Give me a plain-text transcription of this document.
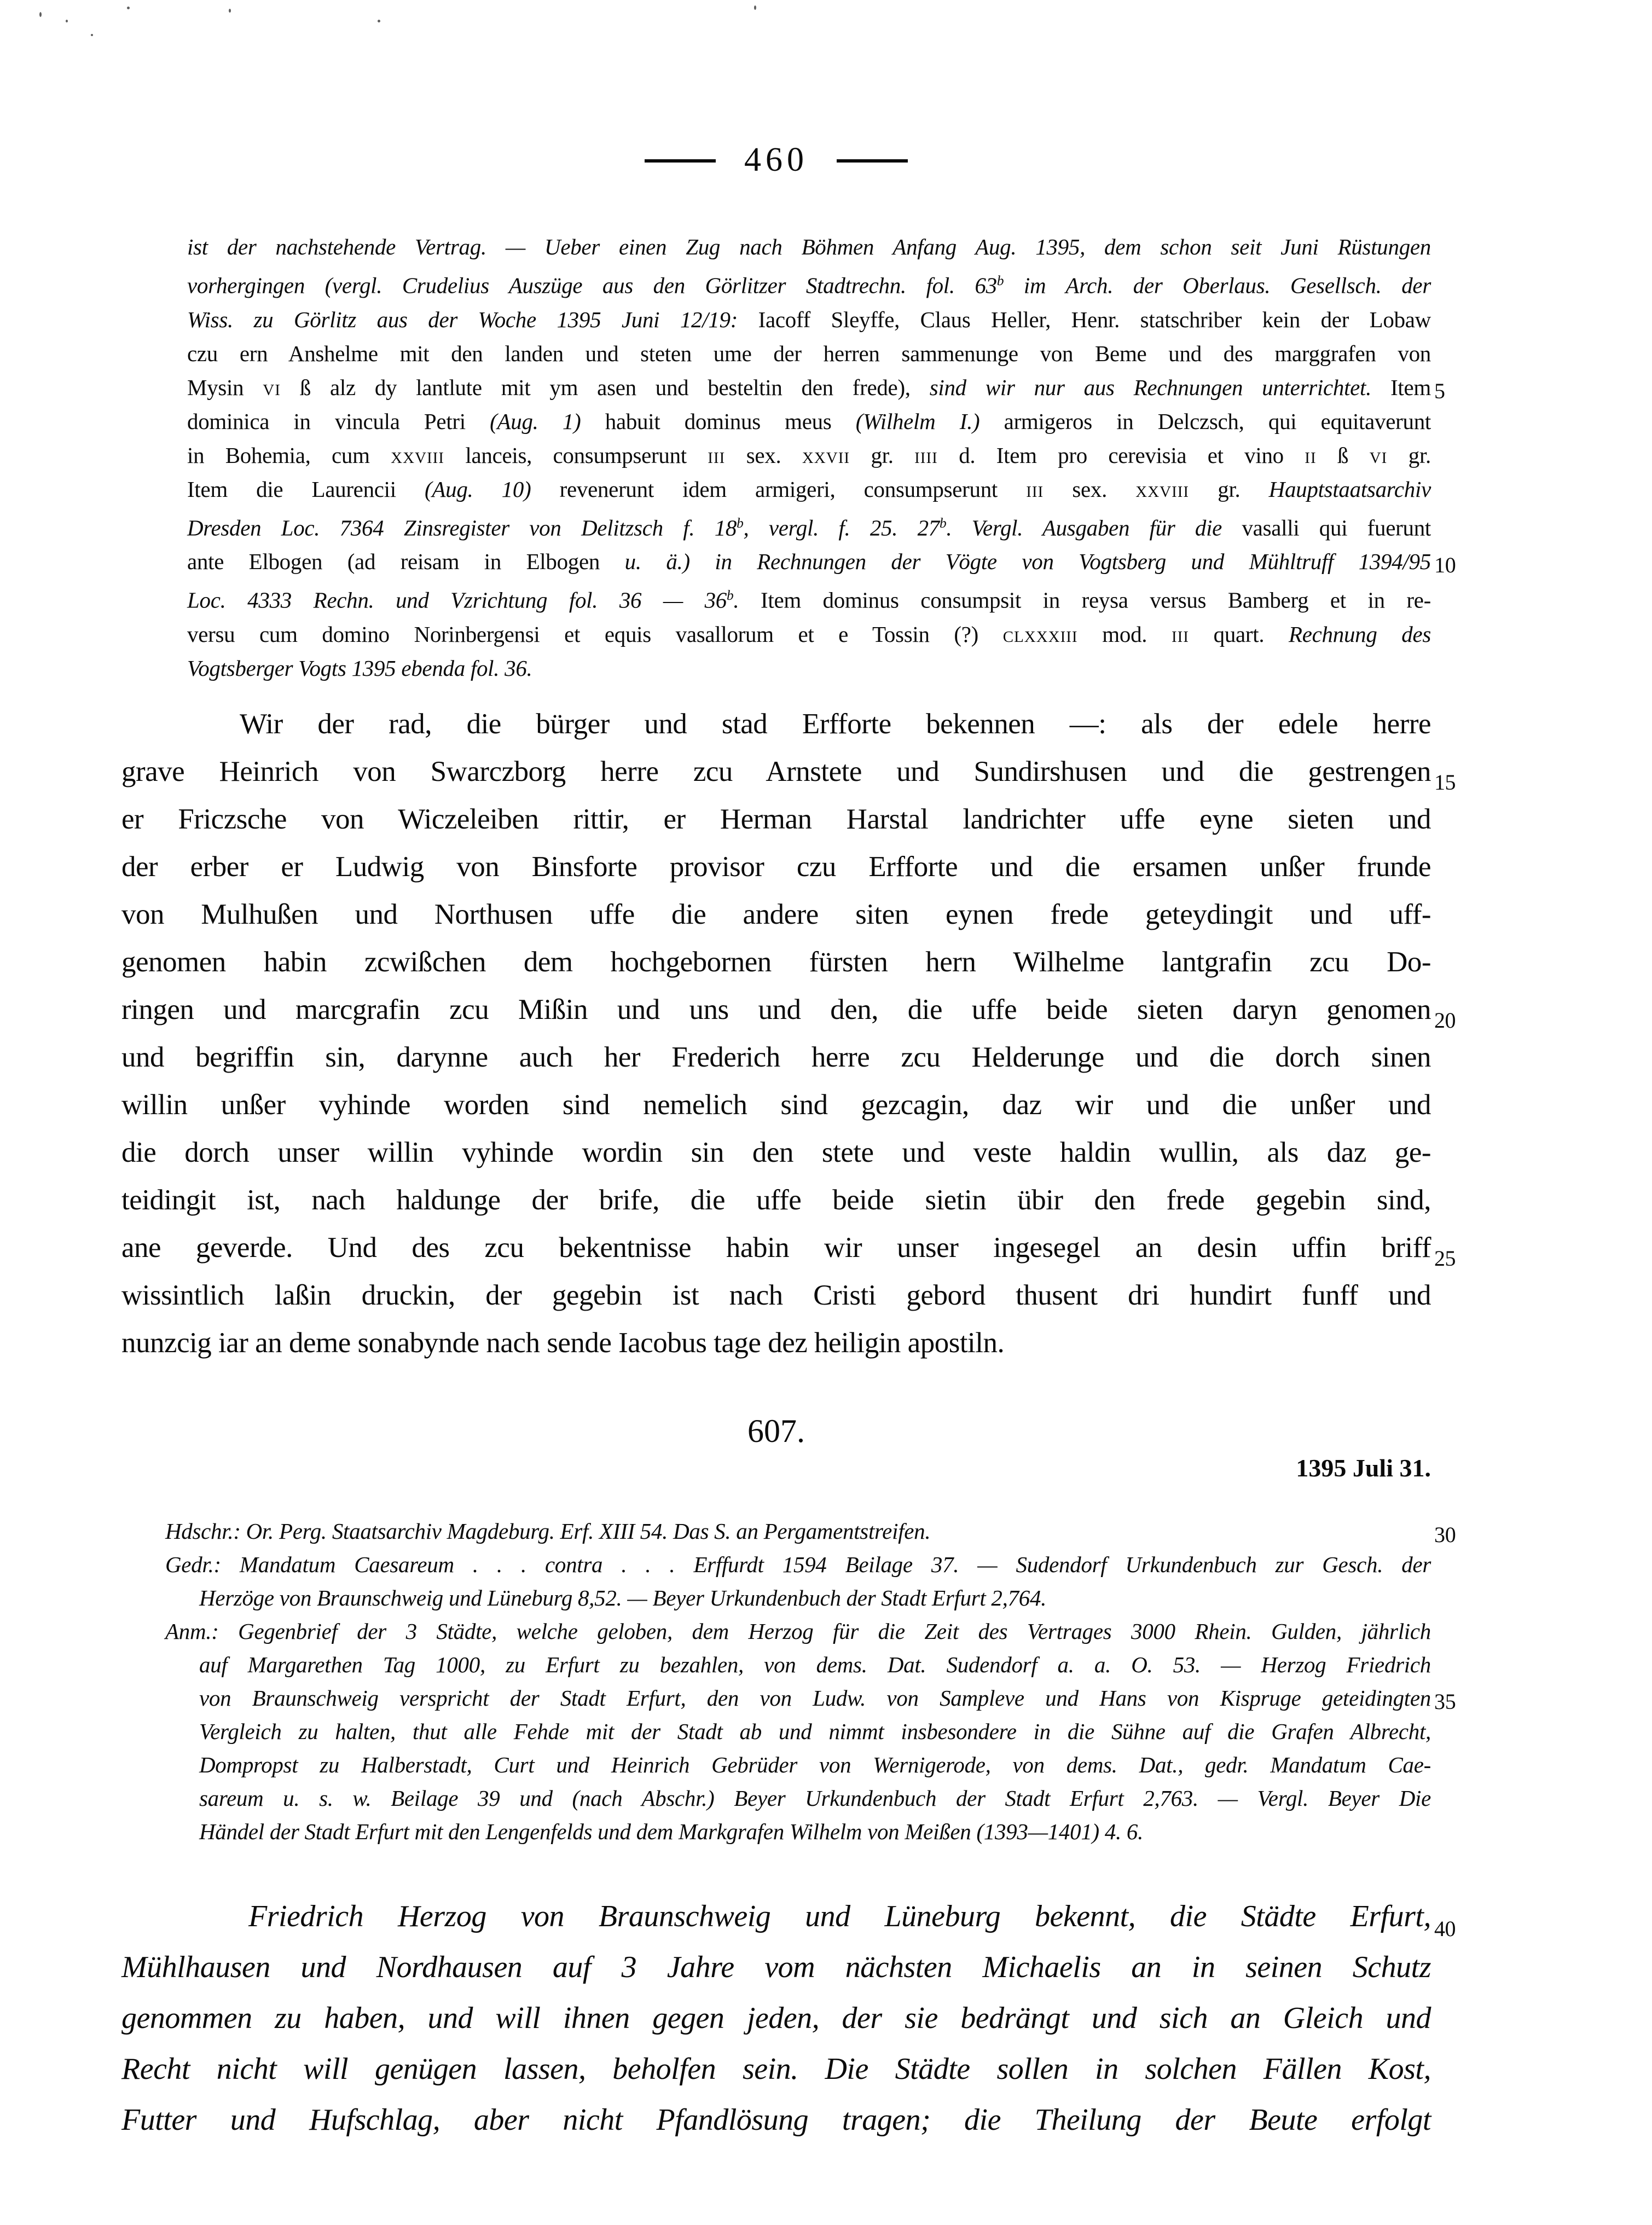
460
ist der nachstehende Vertrag. — Ueber einen Zug nach Böhmen Anfang Aug. 1395, dem schon seit Juni Rüstungen
vorhergingen (vergl. Crudelius Auszüge aus den Görlitzer Stadtrechn. fol. 63$^b$ im Arch. der Oberlaus. Gesellsch. der
Wiss. zu Görlitz aus der Woche 1395 Juni 12/19: Iacoff Sleyffe, Claus Heller, Henr. statschriber kein der Lobaw
czu ern Anshelme mit den landen und steten ume der herren sammenunge von Beme und des marggrafen von
Mysin vi ß alz dy lantlute mit ym asen und besteltin den frede), sind wir nur aus Rechnungen unterrichtet. Item 5
dominica in vincula Petri (Aug. 1) habuit dominus meus (Wilhelm I.) armigeros in Delczsch, qui equitaverunt
in Bohemia, cum xxviii lanceis, consumpserunt iii sex. xxvii gr. iiii d. Item pro cerevisia et vino ii ß vi gr.
Item die Laurencii (Aug. 10) revenerunt idem armigeri, consumpserunt iii sex. xxviii gr. Hauptstaatsarchiv
Dresden Loc. 7364 Zinsregister von Delitzsch f. 18$^b$, vergl. f. 25. 27$^b$. Vergl. Ausgaben für die vasalli qui fuerunt
ante Elbogen (ad reisam in Elbogen u. ä.) in Rechnungen der Vögte von Vogtsberg und Mühltruff 1394/95 10
Loc. 4333 Rechn. und Vzrichtung fol. 36 — 36$^b$. Item dominus consumpsit in reysa versus Bamberg et in re-
versu cum domino Norinbergensi et equis vasallorum et e Tossin (?) clxxxiii mod. iii quart. Rechnung des
Vogtsberger Vogts 1395 ebenda fol. 36.
Wir der rad, die bürger und stad Erfforte bekennen —: als der edele herre
grave Heinrich von Swarczborg herre zcu Arnstete und Sundirshusen und die gestrengen 15
er Friczsche von Wiczeleiben rittir, er Herman Harstal landrichter uffe eyne sieten und
der erber er Ludwig von Binsforte provisor czu Erfforte und die ersamen unßer frunde
von Mulhußen und Northusen uffe die andere siten eynen frede geteydingit und uff-
genomen habin zcwißchen dem hochgebornen fürsten hern Wilhelme lantgrafin zcu Do-
ringen und marcgrafin zcu Mißin und uns und den, die uffe beide sieten daryn genomen 20
und begriffin sin, darynne auch her Frederich herre zcu Helderunge und die dorch sinen
willin unßer vyhinde worden sind nemelich sind gezcagin, daz wir und die unßer und
die dorch unser willin vyhinde wordin sin den stete und veste haldin wullin, als daz ge-
teidingit ist, nach haldunge der brife, die uffe beide sietin übir den frede gegebin sind,
ane geverde. Und des zcu bekentnisse habin wir unser ingesegel an desin uffin briff 25
wissintlich laßin druckin, der gegebin ist nach Cristi gebord thusent dri hundirt funff und
nunzcig iar an deme sonabynde nach sende Iacobus tage dez heiligin apostiln.
607.
1395 Juli 31.
Hdschr.: Or. Perg. Staatsarchiv Magdeburg. Erf. XIII 54. Das S. an Pergamentstreifen.	30
Gedr.: Mandatum Caesareum . . . contra . . . Erffurdt 1594 Beilage 37. — Sudendorf Urkundenbuch zur Gesch. der
Herzöge von Braunschweig und Lüneburg 8,52. — Beyer Urkundenbuch der Stadt Erfurt 2,764.
Anm.: Gegenbrief der 3 Städte, welche geloben, dem Herzog für die Zeit des Vertrages 3000 Rhein. Gulden, jährlich
auf Margarethen Tag 1000, zu Erfurt zu bezahlen, von dems. Dat. Sudendorf a. a. O. 53. — Herzog Friedrich
von Braunschweig verspricht der Stadt Erfurt, den von Ludw. von Sampleve und Hans von Kispruge geteidingten 35
Vergleich zu halten, thut alle Fehde mit der Stadt ab und nimmt insbesondere in die Sühne auf die Grafen Albrecht,
Dompropst zu Halberstadt, Curt und Heinrich Gebrüder von Wernigerode, von dems. Dat., gedr. Mandatum Cae-
sareum u. s. w. Beilage 39 und (nach Abschr.) Beyer Urkundenbuch der Stadt Erfurt 2,763. — Vergl. Beyer Die
Händel der Stadt Erfurt mit den Lengenfelds und dem Markgrafen Wilhelm von Meißen (1393—1401) 4. 6.
Friedrich Herzog von Braunschweig und Lüneburg bekennt, die Städte Erfurt, 40
Mühlhausen und Nordhausen auf 3 Jahre vom nächsten Michaelis an in seinen Schutz
genommen zu haben, und will ihnen gegen jeden, der sie bedrängt und sich an Gleich und
Recht nicht will genügen lassen, beholfen sein. Die Städte sollen in solchen Fällen Kost,
Futter und Hufschlag, aber nicht Pfandlösung tragen; die Theilung der Beute erfolgt
